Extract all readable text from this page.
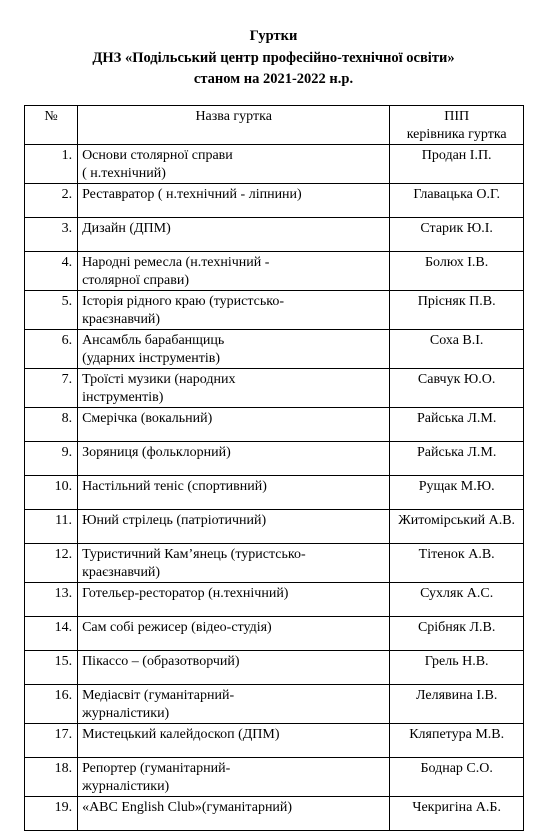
Гуртки
ДНЗ «Подільський центр професійно-технічної освіти»
станом на 2021-2022 н.р.
№	Назва гуртка	ПІП
керівника гуртка

1.	Основи столярної справи
( н.технічний)	Продан І.П.
2.	Реставратор ( н.технічний - ліпнини)	Главацька О.Г.
3.	Дизайн (ДПМ)	Старик Ю.І.
4.	Народні ремесла (н.технічний -
столярної справи)	Болюх І.В.
5.	Історія рідного краю (туристсько-
краєзнавчий)	Прісняк П.В.
6.	Ансамбль барабанщиць
(ударних інструментів)	Соха В.І.
7.	Троїсті музики (народних
інструментів)	Савчук Ю.О.
8.	Смерічка (вокальний)	Райська Л.М.
9.	Зоряниця (фольклорний)	Райська Л.М.
10.	Настільний теніс (спортивний)	Рущак М.Ю.
11.	Юний стрілець (патріотичний)	Житомірський А.В.
12.	Туристичний Кам’янець (туристсько-
краєзнавчий)	Тітенок А.В.
13.	Готельєр-ресторатор (н.технічний)	Сухляк А.С.
14.	Сам собі режисер (відео-студія)	Срібняк Л.В.
15.	Пікассо – (образотворчий)	Грель Н.В.
16.	Медіасвіт (гуманітарний-
журналістики)	Лелявина І.В.
17.	Мистецький калейдоскоп (ДПМ)	Кляпетура М.В.
18.	Репортер (гуманітарний-
журналістики)	Боднар С.О.
19.	«ABC English Club»(гуманітарний)	Чекригіна А.Б.
